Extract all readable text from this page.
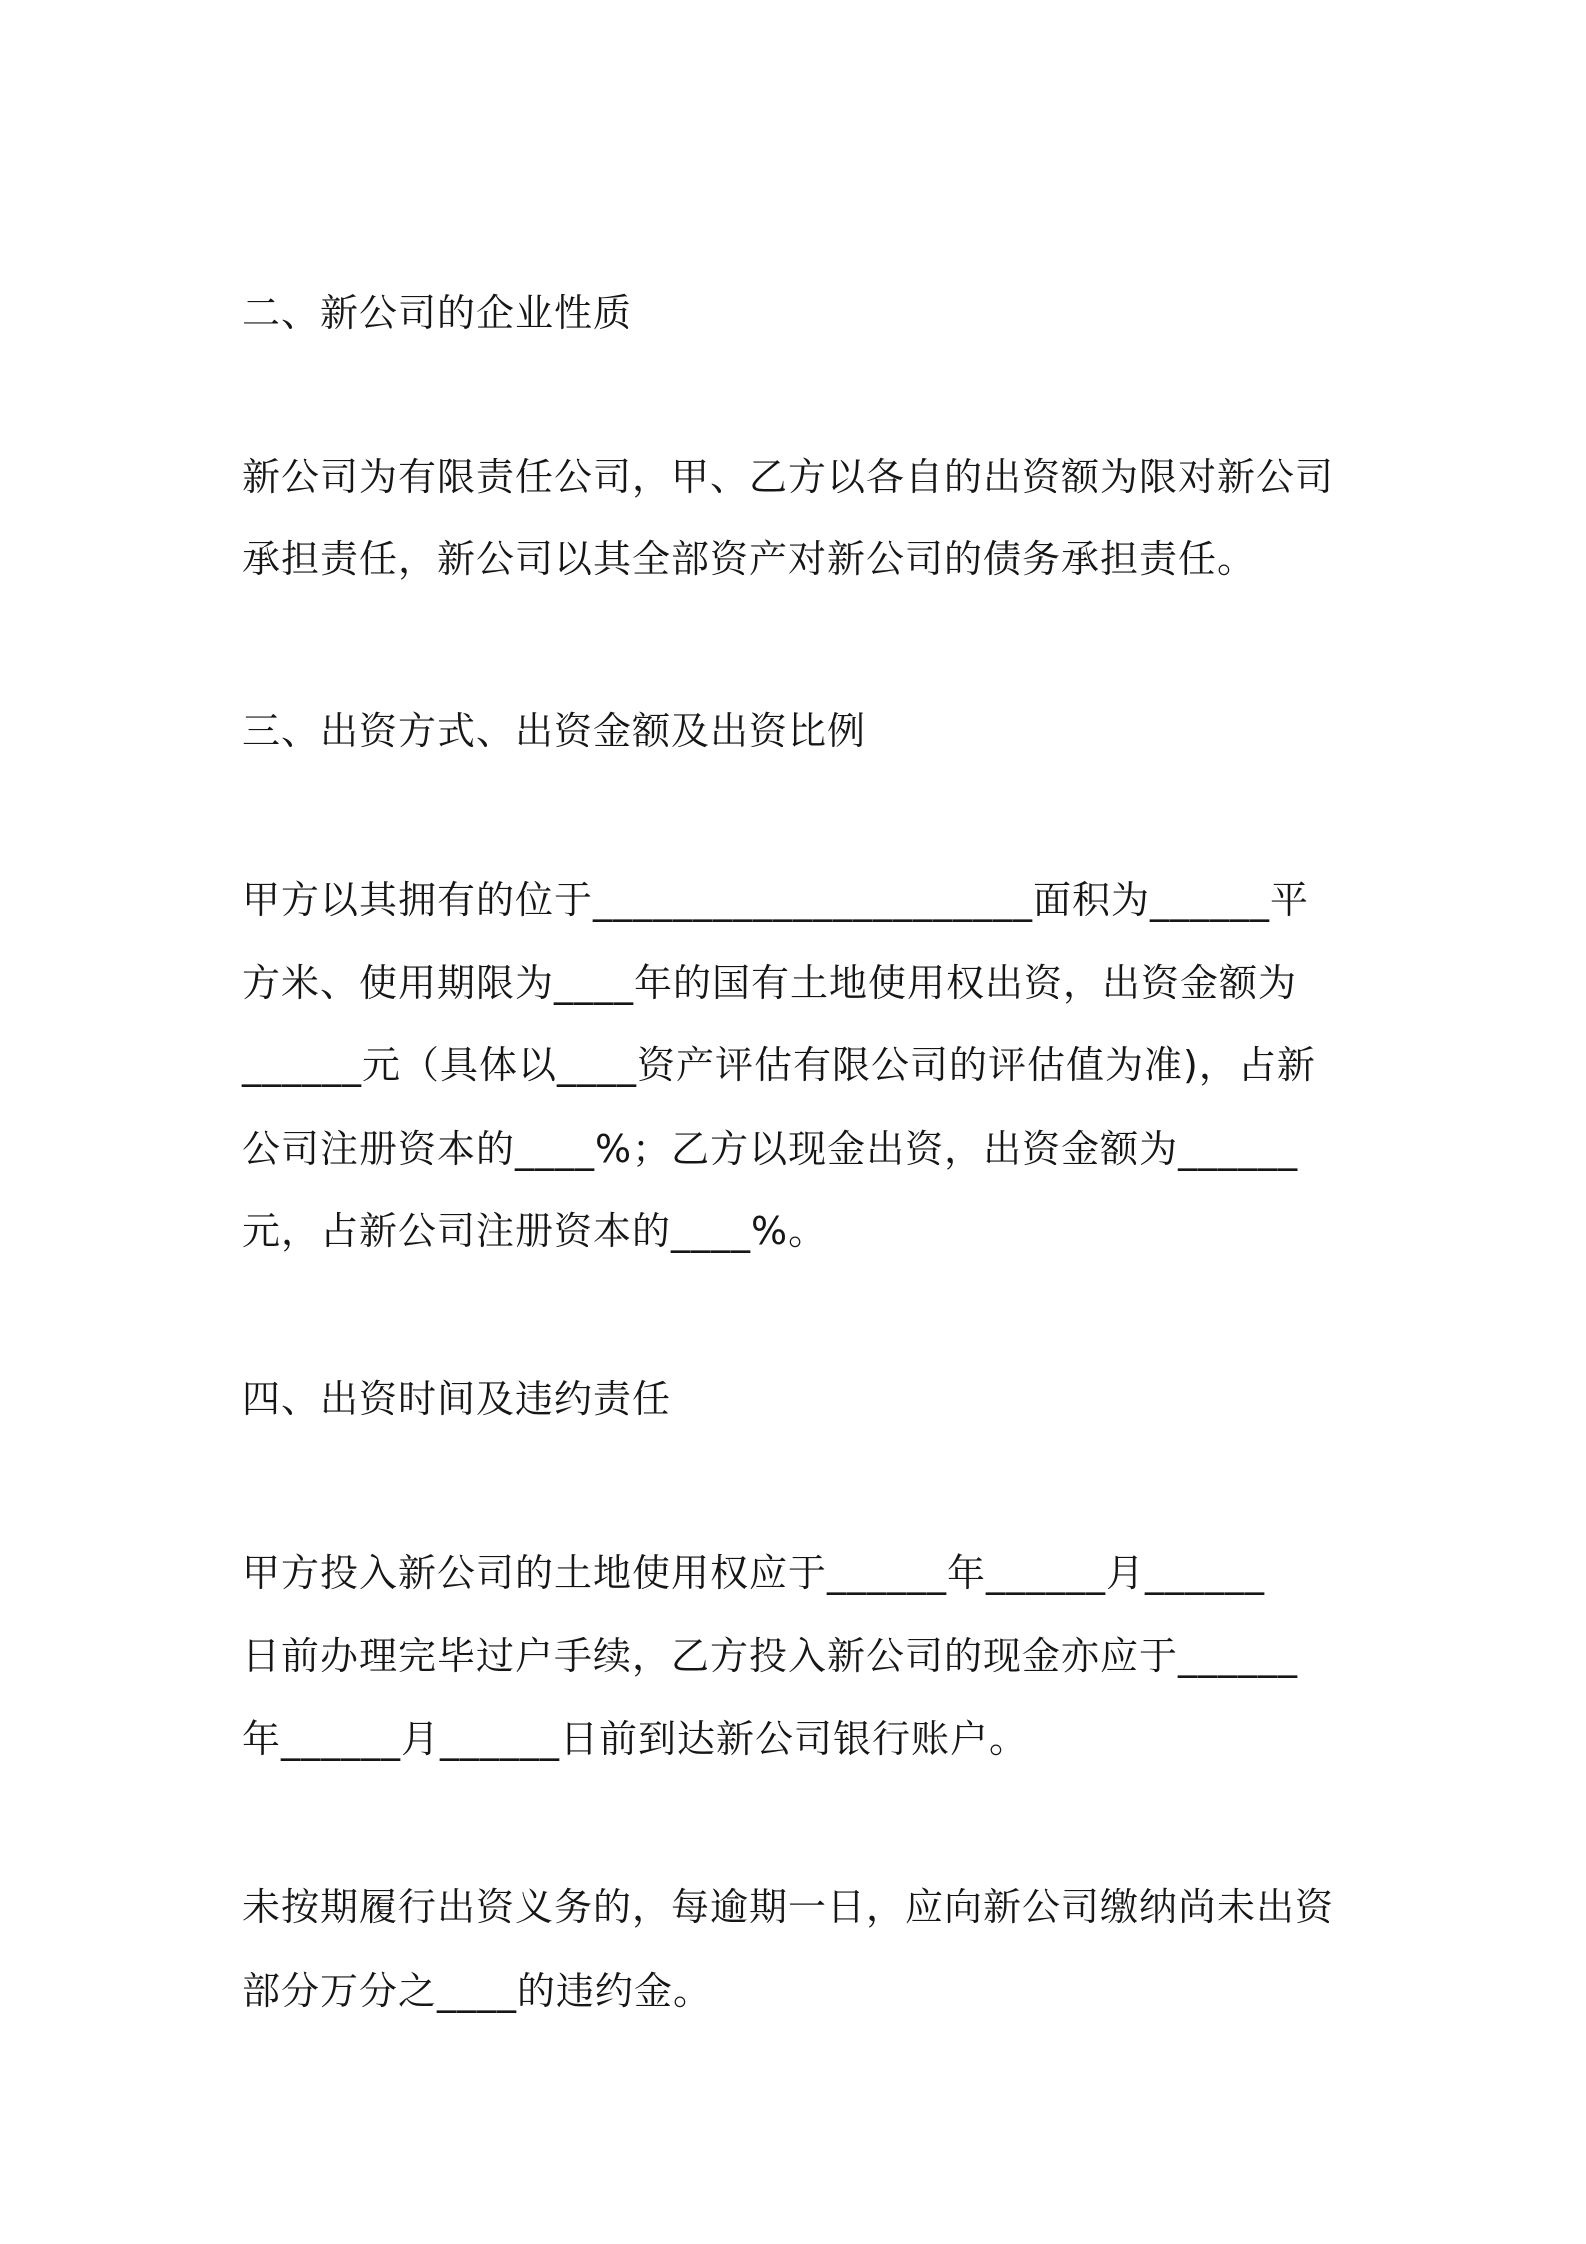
二、新公司的企业性质
新公司为有限责任公司，甲、乙方以各自的出资额为限对新公司
承担责任，新公司以其全部资产对新公司的债务承担责任。
三、出资方式、出资金额及出资比例
甲方以其拥有的位于______________________面积为______平
方米、使用期限为____年的国有土地使用权出资，出资金额为
______元（具体以____资产评估有限公司的评估值为准)，占新
公司注册资本的____%；乙方以现金出资，出资金额为______
元，占新公司注册资本的____%。
四、出资时间及违约责任
甲方投入新公司的土地使用权应于______年______月______
日前办理完毕过户手续，乙方投入新公司的现金亦应于______
年______月______日前到达新公司银行账户。
未按期履行出资义务的，每逾期一日，应向新公司缴纳尚未出资
部分万分之____的违约金。
